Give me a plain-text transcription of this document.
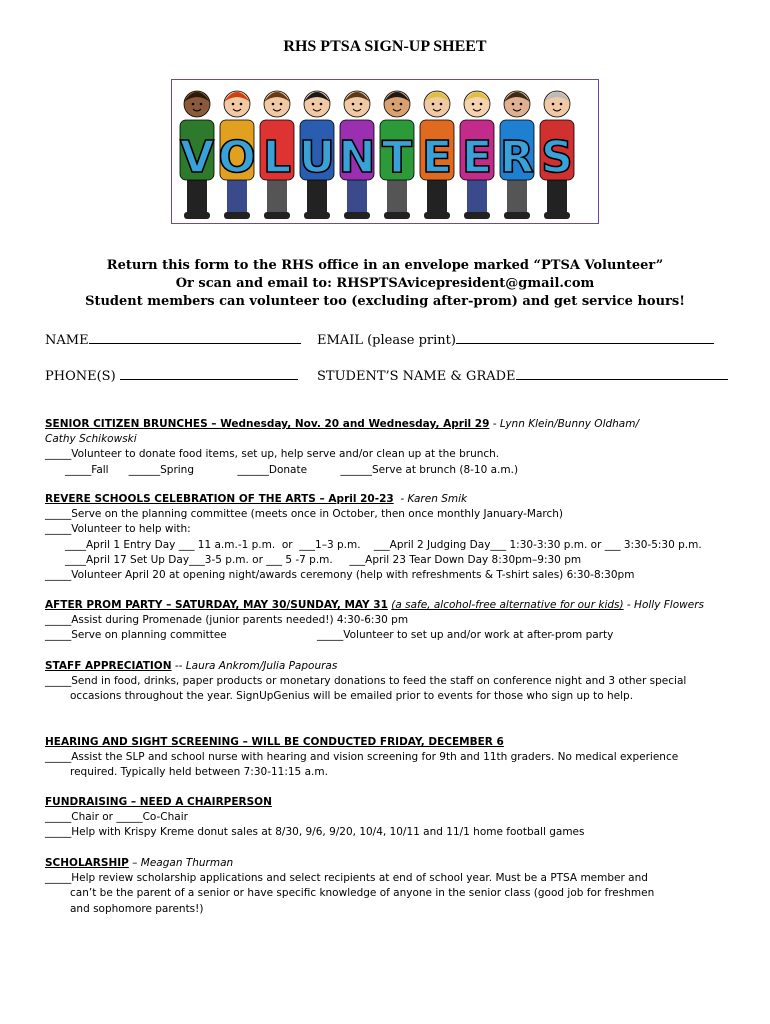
RHS PTSA SIGN-UP SHEET
V O L U N T E E R S
Return this form to the RHS office in an envelope marked “PTSA Volunteer”
Or scan and email to: RHSPTSAvicepresident@gmail.com
Student members can volunteer too (excluding after-prom) and get service hours!
NAME	EMAIL (please print)
PHONE(S)	STUDENT’S NAME & GRADE
SENIOR CITIZEN BRUNCHES – Wednesday, Nov. 20 and Wednesday, April 29 - Lynn Klein/Bunny Oldham/
Cathy Schikowski
_____Volunteer to donate food items, set up, help serve and/or clean up at the brunch.
_____Fall      ______Spring             ______Donate          ______Serve at brunch (8-10 a.m.)
REVERE SCHOOLS CELEBRATION OF THE ARTS – April 20-23  - Karen Smik
_____Serve on the planning committee (meets once in October, then once monthly January-March)
_____Volunteer to help with:
____April 1 Entry Day ___ 11 a.m.-1 p.m.  or  ___1–3 p.m.    ___April 2 Judging Day___ 1:30-3:30 p.m. or ___ 3:30-5:30 p.m.
____April 17 Set Up Day___3-5 p.m. or ___ 5 -7 p.m.     ___April 23 Tear Down Day 8:30pm–9:30 pm
_____Volunteer April 20 at opening night/awards ceremony (help with refreshments & T-shirt sales) 6:30-8:30pm
AFTER PROM PARTY – SATURDAY, MAY 30/SUNDAY, MAY 31 (a safe, alcohol-free alternative for our kids) - Holly Flowers
_____Assist during Promenade (junior parents needed!) 4:30-6:30 pm
_____Serve on planning committee	_____Volunteer to set up and/or work at after-prom party
STAFF APPRECIATION -- Laura Ankrom/Julia Papouras
_____Send in food, drinks, paper products or monetary donations to feed the staff on conference night and 3 other special
occasions throughout the year. SignUpGenius will be emailed prior to events for those who sign up to help.
HEARING AND SIGHT SCREENING – WILL BE CONDUCTED FRIDAY, DECEMBER 6
_____Assist the SLP and school nurse with hearing and vision screening for 9th and 11th graders. No medical experience
required. Typically held between 7:30-11:15 a.m.
FUNDRAISING – NEED A CHAIRPERSON
_____Chair or _____Co-Chair
_____Help with Krispy Kreme donut sales at 8/30, 9/6, 9/20, 10/4, 10/11 and 11/1 home football games
SCHOLARSHIP – Meagan Thurman
_____Help review scholarship applications and select recipients at end of school year. Must be a PTSA member and
can’t be the parent of a senior or have specific knowledge of anyone in the senior class (good job for freshmen
and sophomore parents!)
